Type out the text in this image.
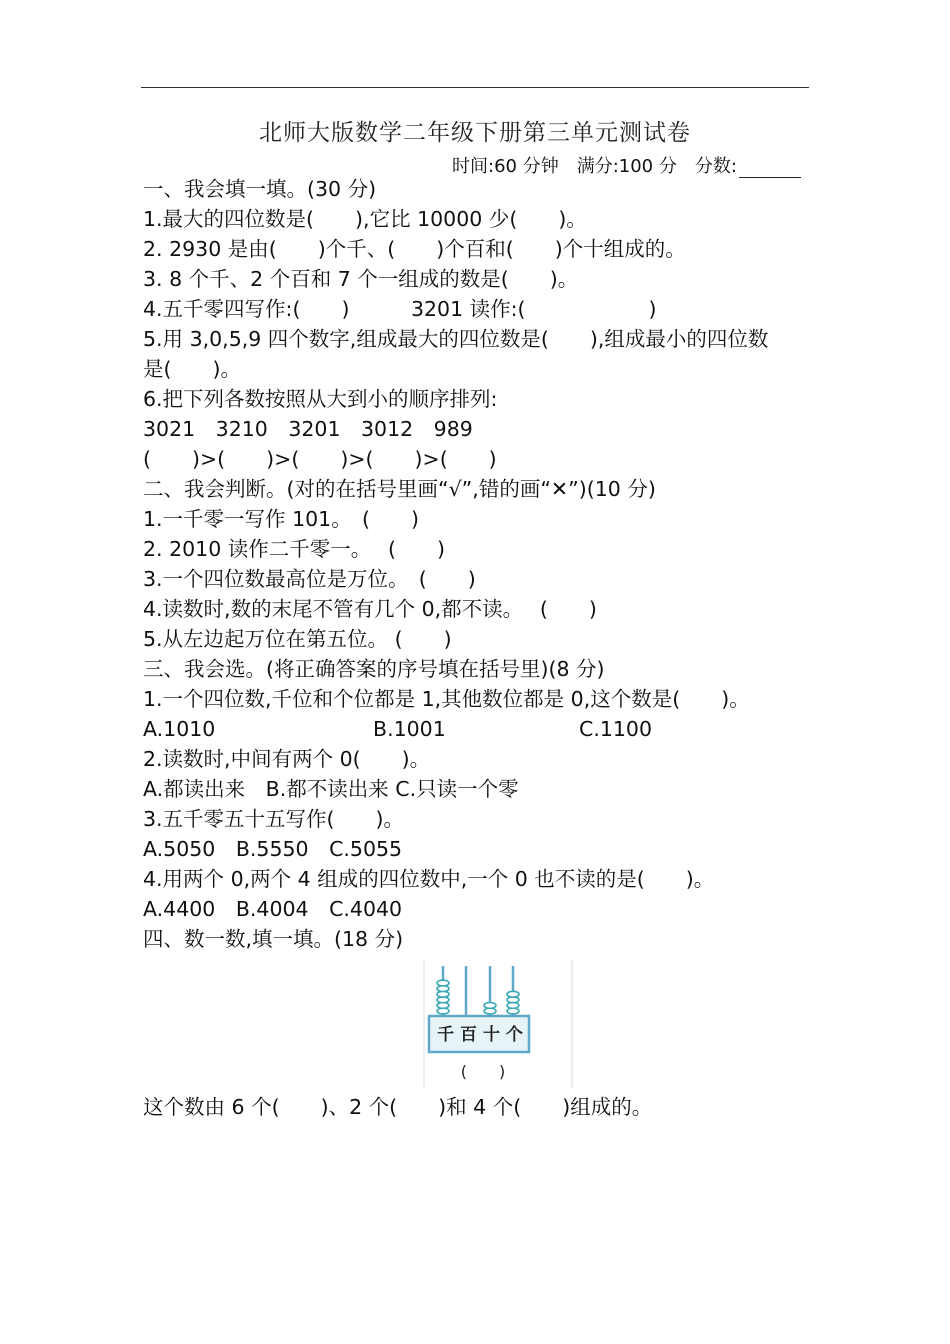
北师大版数学二年级下册第三单元测试卷
时间:60 分钟 满分:100 分 分数:
一、我会填一填。(30 分)
1.最大的四位数是(　　),它比 10000 少(　　)。
2. 2930 是由(　　)个千、(　　)个百和(　　)个十组成的。
3. 8 个千、2 个百和 7 个一组成的数是(　　)。
4.五千零四写作:(　　)　　　3201 读作:(　　　　　　)
5.用 3,0,5,9 四个数字,组成最大的四位数是(　　),组成最小的四位数
是(　　)。
6.把下列各数按照从大到小的顺序排列:
3021　3210　3201　3012　989
(　　)>(　　)>(　　)>(　　)>(　　)
二、我会判断。(对的在括号里画“√”,错的画“✕”)(10 分)
1.一千零一写作 101。　(　　)
2. 2010 读作二千零一。　 (　　)
3.一个四位数最高位是万位。　(　　)
4.读数时,数的末尾不管有几个 0,都不读。　 (　　)
5.从左边起万位在第五位。 (　　)
三、我会选。(将正确答案的序号填在括号里)(8 分)
1.一个四位数,千位和个位都是 1,其他数位都是 0,这个数是(　　)。
A.1010	B.1001	C.1100
2.读数时,中间有两个 0(　　)。
A.都读出来　B.都不读出来 C.只读一个零
3.五千零五十五写作(　　)。
A.5050　B.5550　C.5055
4.用两个 0,两个 4 组成的四位数中,一个 0 也不读的是(　　)。
A.4400　B.4004　C.4040
四、数一数,填一填。(18 分)
千 百 十 个
(　　)
这个数由 6 个(　　)、2 个(　　)和 4 个(　　)组成的。
